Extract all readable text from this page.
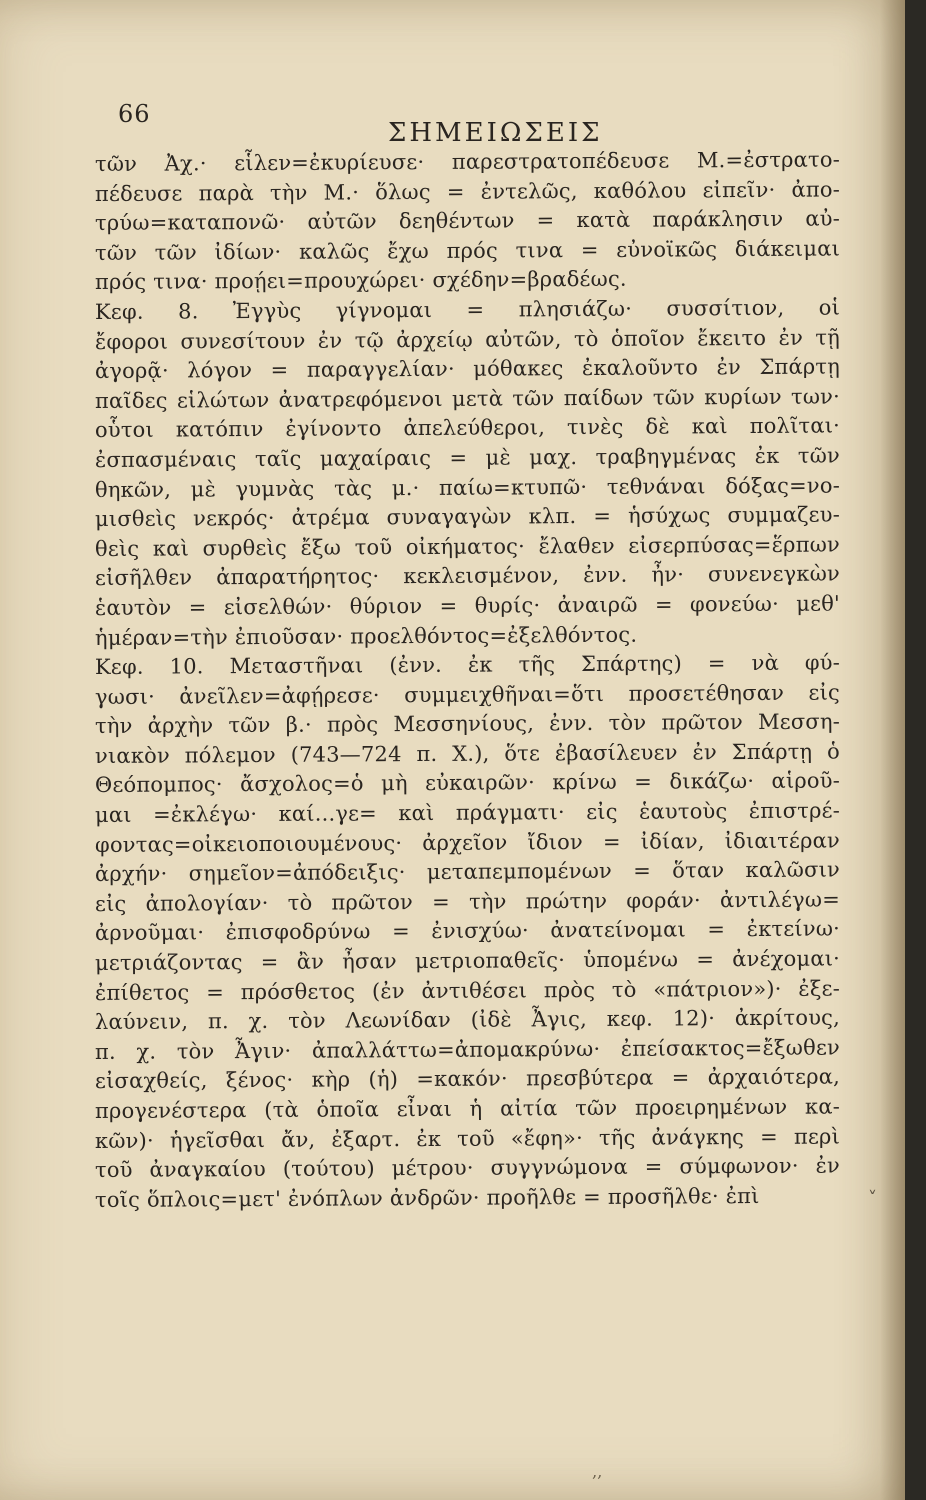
66
ΣΗΜΕΙΩΣΕΙΣ
τῶν Ἀχ.· εἷλεν=ἐκυρίευσε· παρεστρατοπέδευσε Μ.=ἐστρατο-
πέδευσε παρὰ τὴν Μ.· ὅλως = ἐντελῶς, καθόλου εἰπεῖν· ἀπο-
τρύω=καταπονῶ· αὐτῶν δεηθέντων = κατὰ παράκλησιν αὐ-
τῶν τῶν ἰδίων· καλῶς ἔχω πρός τινα = εὐνοϊκῶς διάκειμαι
πρός τινα· προῄει=προυχώρει· σχέδην=βραδέως.
Κεφ. 8. Ἐγγὺς γίγνομαι = πλησιάζω· συσσίτιον, οἱ
ἔφοροι συνεσίτουν ἐν τῷ ἀρχείῳ αὐτῶν, τὸ ὁποῖον ἔκειτο ἐν τῇ
ἀγορᾷ· λόγον = παραγγελίαν· μόθακες ἐκαλοῦντο ἐν Σπάρτῃ
παῖδες εἱλώτων ἀνατρεφόμενοι μετὰ τῶν παίδων τῶν κυρίων των·
οὗτοι κατόπιν ἐγίνοντο ἀπελεύθεροι, τινὲς δὲ καὶ πολῖται·
ἐσπασμέναις ταῖς μαχαίραις = μὲ μαχ. τραβηγμένας ἐκ τῶν
θηκῶν, μὲ γυμνὰς τὰς μ.· παίω=κτυπῶ· τεθνάναι δόξας=νο-
μισθεὶς νεκρός· ἀτρέμα συναγαγὼν κλπ. = ἡσύχως συμμαζευ-
θεὶς καὶ συρθεὶς ἔξω τοῦ οἰκήματος· ἔλαθεν εἰσερπύσας=ἕρπων
εἰσῆλθεν ἀπαρατήρητος· κεκλεισμένον, ἐνν. ἦν· συνενεγκὼν
ἑαυτὸν = εἰσελθών· θύριον = θυρίς· ἀναιρῶ = φονεύω· μεθ'
ἡμέραν=τὴν ἐπιοῦσαν· προελθόντος=ἐξελθόντος.
Κεφ. 10. Μεταστῆναι (ἐνν. ἐκ τῆς Σπάρτης) = νὰ φύ-
γωσι· ἀνεῖλεν=ἀφῄρεσε· συμμειχθῆναι=ὅτι προσετέθησαν εἰς
τὴν ἀρχὴν τῶν β.· πρὸς Μεσσηνίους, ἐνν. τὸν πρῶτον Μεσση-
νιακὸν πόλεμον (743—724 π. Χ.), ὅτε ἐβασίλευεν ἐν Σπάρτῃ ὁ
Θεόπομπος· ἄσχολος=ὁ μὴ εὐκαιρῶν· κρίνω = δικάζω· αἱροῦ-
μαι =ἐκλέγω· καί...γε= καὶ πράγματι· εἰς ἑαυτοὺς ἐπιστρέ-
φοντας=οἰκειοποιουμένους· ἀρχεῖον ἴδιον = ἰδίαν, ἰδιαιτέραν
ἀρχήν· σημεῖον=ἀπόδειξις· μεταπεμπομένων = ὅταν καλῶσιν
εἰς ἀπολογίαν· τὸ πρῶτον = τὴν πρώτην φοράν· ἀντιλέγω=
ἀρνοῦμαι· ἐπισφοδρύνω = ἐνισχύω· ἀνατείνομαι = ἐκτείνω·
μετριάζοντας = ἂν ἦσαν μετριοπαθεῖς· ὑπομένω = ἀνέχομαι·
ἐπίθετος = πρόσθετος (ἐν ἀντιθέσει πρὸς τὸ «πάτριον»)· ἐξε-
λαύνειν, π. χ. τὸν Λεωνίδαν (ἰδὲ Ἆγις, κεφ. 12)· ἀκρίτους,
π. χ. τὸν Ἆγιν· ἀπαλλάττω=ἀπομακρύνω· ἐπείσακτος=ἔξωθεν
εἰσαχθείς, ξένος· κὴρ (ἡ) =κακόν· πρεσβύτερα = ἀρχαιότερα,
προγενέστερα (τὰ ὁποῖα εἶναι ἡ αἰτία τῶν προειρημένων κα-
κῶν)· ἡγεῖσθαι ἄν, ἐξαρτ. ἐκ τοῦ «ἔφη»· τῆς ἀνάγκης = περὶ
τοῦ ἀναγκαίου (τούτου) μέτρου· συγγνώμονα = σύμφωνον· ἐν
τοῖς ὅπλοις=μετ' ἐνόπλων ἀνδρῶν· προῆλθε = προσῆλθε· ἐπὶ	˅
‚‚
